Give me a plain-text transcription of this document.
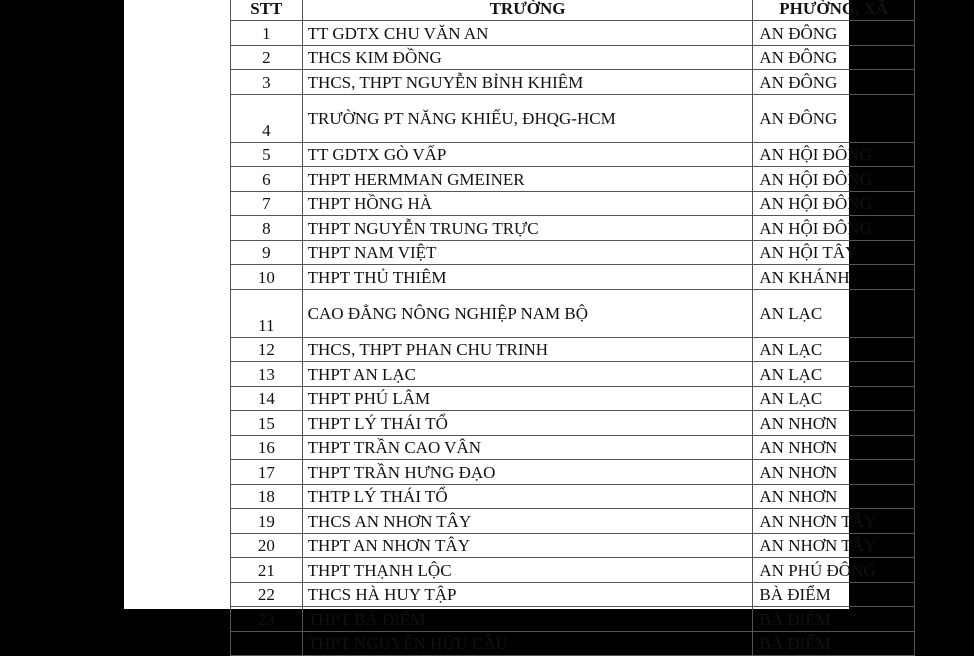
STT	TRƯỜNG	PHƯỜNG, XÃ
1	TT GDTX CHU VĂN AN	AN ĐÔNG
2	THCS KIM ĐỒNG	AN ĐÔNG
3	THCS, THPT NGUYỄN BỈNH KHIÊM	AN ĐÔNG
4	TRƯỜNG PT NĂNG KHIẾU, ĐHQG-HCM	AN ĐÔNG
5	TT GDTX GÒ VẤP	AN HỘI ĐÔNG
6	THPT HERMMAN GMEINER	AN HỘI ĐÔNG
7	THPT HỒNG HÀ	AN HỘI ĐÔNG
8	THPT NGUYỄN TRUNG TRỰC	AN HỘI ĐÔNG
9	THPT NAM VIỆT	AN HỘI TÂY
10	THPT THỦ THIÊM	AN KHÁNH
11	CAO ĐẲNG NÔNG NGHIỆP NAM BỘ	AN LẠC
12	THCS, THPT PHAN CHU TRINH	AN LẠC
13	THPT AN LẠC	AN LẠC
14	THPT PHÚ LÂM	AN LẠC
15	THPT LÝ THÁI TỔ	AN NHƠN
16	THPT TRẦN CAO VÂN	AN NHƠN
17	THPT TRẦN HƯNG ĐẠO	AN NHƠN
18	THTP LÝ THÁI TỔ	AN NHƠN
19	THCS AN NHƠN TÂY	AN NHƠN TÂY
20	THPT AN NHƠN TÂY	AN NHƠN TÂY
21	THPT THẠNH LỘC	AN PHÚ ĐÔNG
22	THCS HÀ HUY TẬP	BÀ ĐIỂM
23	THPT BÀ ĐIỂM	BÀ ĐIỂM
	THPT NGUYỄN HỮU CẦU	BÀ ĐIỂM
